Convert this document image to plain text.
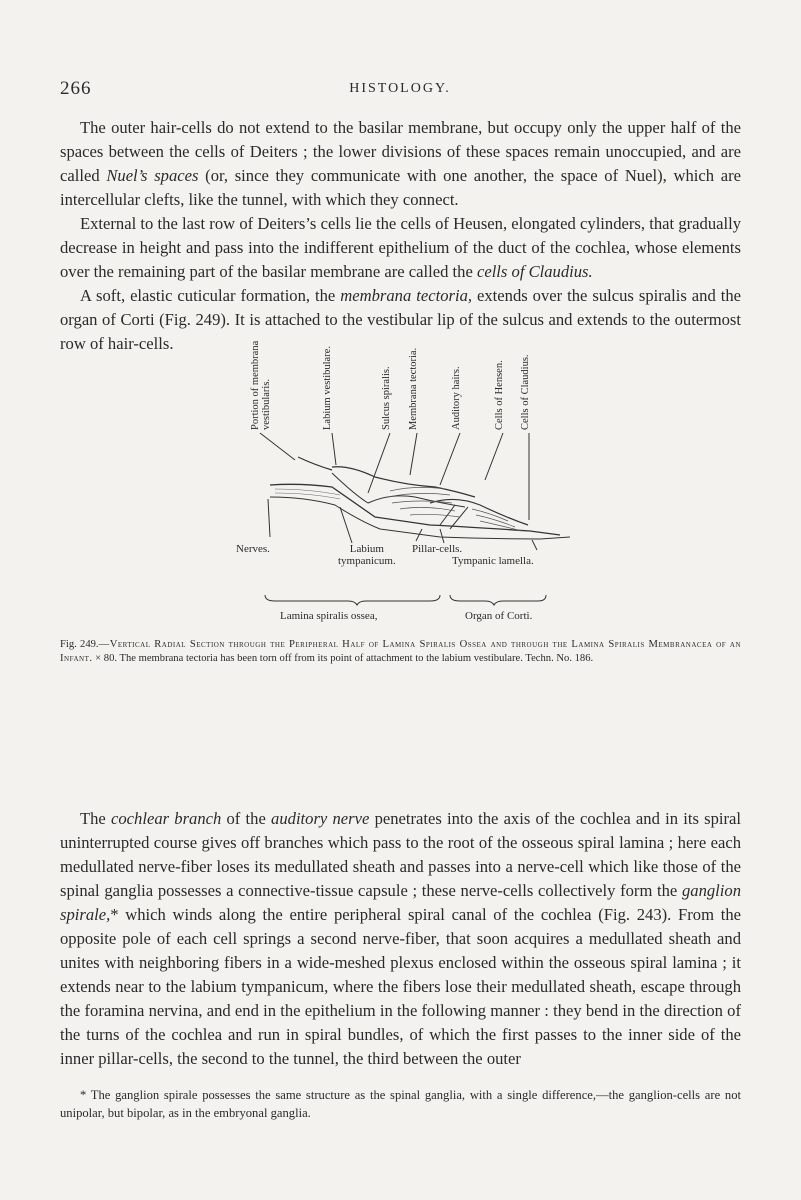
266	HISTOLOGY.

The outer hair-cells do not extend to the basilar membrane, but occupy only the upper half of the spaces between the cells of Deiters ; the lower divisions of these spaces remain unoccupied, and are called Nuel’s spaces (or, since they communicate with one another, the space of Nuel), which are intercellular clefts, like the tunnel, with which they connect.

External to the last row of Deiters’s cells lie the cells of Heusen, elongated cylinders, that gradually decrease in height and pass into the indifferent epithelium of the duct of the cochlea, whose elements over the remaining part of the basilar membrane are called the cells of Claudius.

A soft, elastic cuticular formation, the membrana tectoria, extends over the sulcus spiralis and the organ of Corti (Fig. 249). It is attached to the vestibular lip of the sulcus and extends to the outermost row of hair-cells.

Portion of membrana
vestibularis.	Labium vestibulare.	Sulcus spiralis. Membrana tectoria.	Auditory hairs.	Cells of Hensen. Cells of Claudius.
Nerves.	Labium
tympanicum.
Pillar-cells.
Tympanic lamella.
Lamina spiralis ossea,	Organ of Corti.
Fig. 249.—Vertical Radial Section through the Peripheral Half of Lamina Spiralis Ossea and through the Lamina Spiralis Membranacea of an Infant. × 80. The membrana tectoria has been torn off from its point of attachment to the labium vestibulare. Techn. No. 186.

The cochlear branch of the auditory nerve penetrates into the axis of the cochlea and in its spiral uninterrupted course gives off branches which pass to the root of the osseous spiral lamina ; here each medullated nerve-fiber loses its medullated sheath and passes into a nerve-cell which like those of the spinal ganglia possesses a connective-tissue capsule ; these nerve-cells collectively form the ganglion spirale,* which winds along the entire peripheral spiral canal of the cochlea (Fig. 243). From the opposite pole of each cell springs a second nerve-fiber, that soon acquires a medullated sheath and unites with neighboring fibers in a wide-meshed plexus enclosed within the osseous spiral lamina ; it extends near to the labium tympanicum, where the fibers lose their medullated sheath, escape through the foramina nervina, and end in the epithelium in the following manner : they bend in the direction of the turns of the cochlea and run in spiral bundles, of which the first passes to the inner side of the inner pillar-cells, the second to the tunnel, the third between the outer

* The ganglion spirale possesses the same structure as the spinal ganglia, with a single difference,—the ganglion-cells are not unipolar, but bipolar, as in the embryonal ganglia.
